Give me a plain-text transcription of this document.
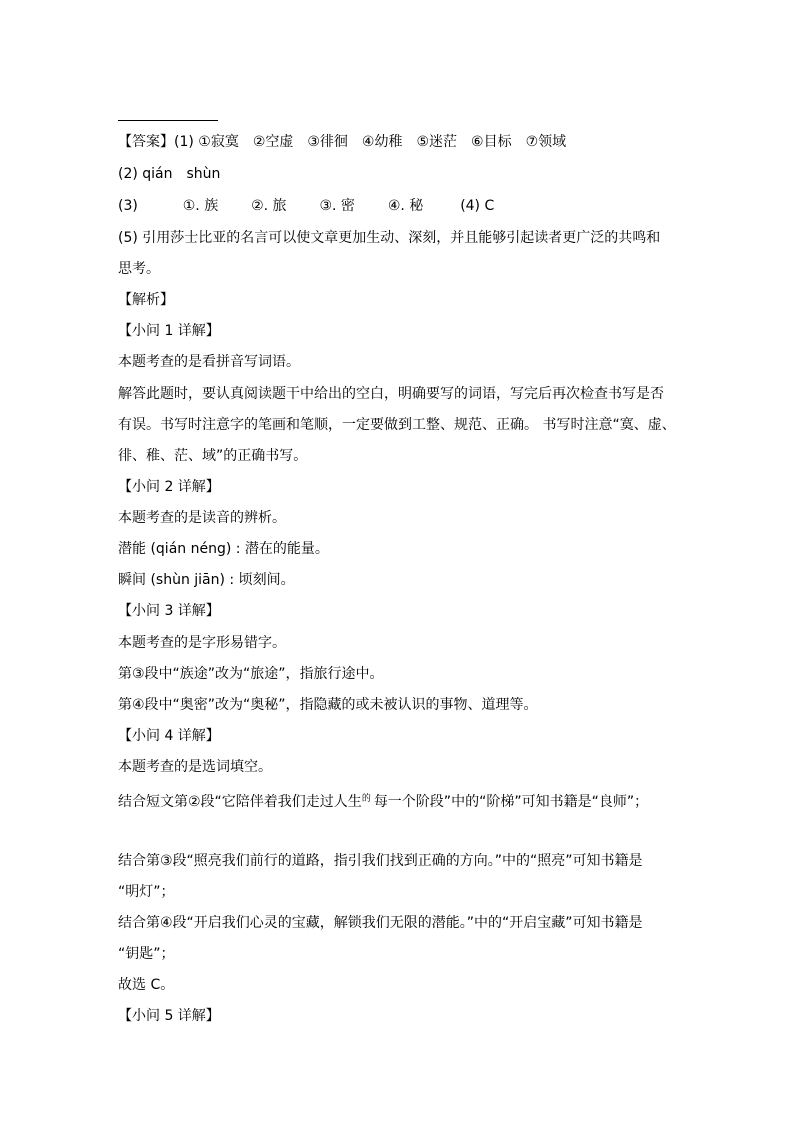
【答案】(1) ①寂寞　②空虚　③徘徊　④幼稚　⑤迷茫　⑥目标　⑦领域
(2) qián　shùn
(3)	①. 族 ②. 旅 ③. 密 ④. 秘	(4) C
(5) 引用莎士比亚的名言可以使文章更加生动、深刻，并且能够引起读者更广泛的共鸣和
思考。
【解析】
【小问 1 详解】
本题考查的是看拼音写词语。
解答此题时，要认真阅读题干中给出的空白，明确要写的词语，写完后再次检查书写是否
有误。书写时注意字的笔画和笔顺，一定要做到工整、规范、正确。 书写时注意“寞、虚、
徘、稚、茫、域”的正确书写。
【小问 2 详解】
本题考查的是读音的辨析。
潜能 (qián néng) : 潜在的能量。
瞬间 (shùn jiān) : 顷刻间。
【小问 3 详解】
本题考查的是字形易错字。
第③段中“族途”改为“旅途”，指旅行途中。
第④段中“奥密”改为“奥秘”，指隐藏的或未被认识的事物、道理等。
【小问 4 详解】
本题考查的是选词填空。
结合短文第②段“它陪伴着我们走过人生 的 每一个阶段”中的“阶梯”可知书籍是“良师”；
结合第③段“照亮我们前行的道路，指引我们找到正确的方向。”中的“照亮”可知书籍是
“明灯”；
结合第④段“开启我们心灵的宝藏，解锁我们无限的潜能。”中的“开启宝藏”可知书籍是
“钥匙”；
故选 C。
【小问 5 详解】
